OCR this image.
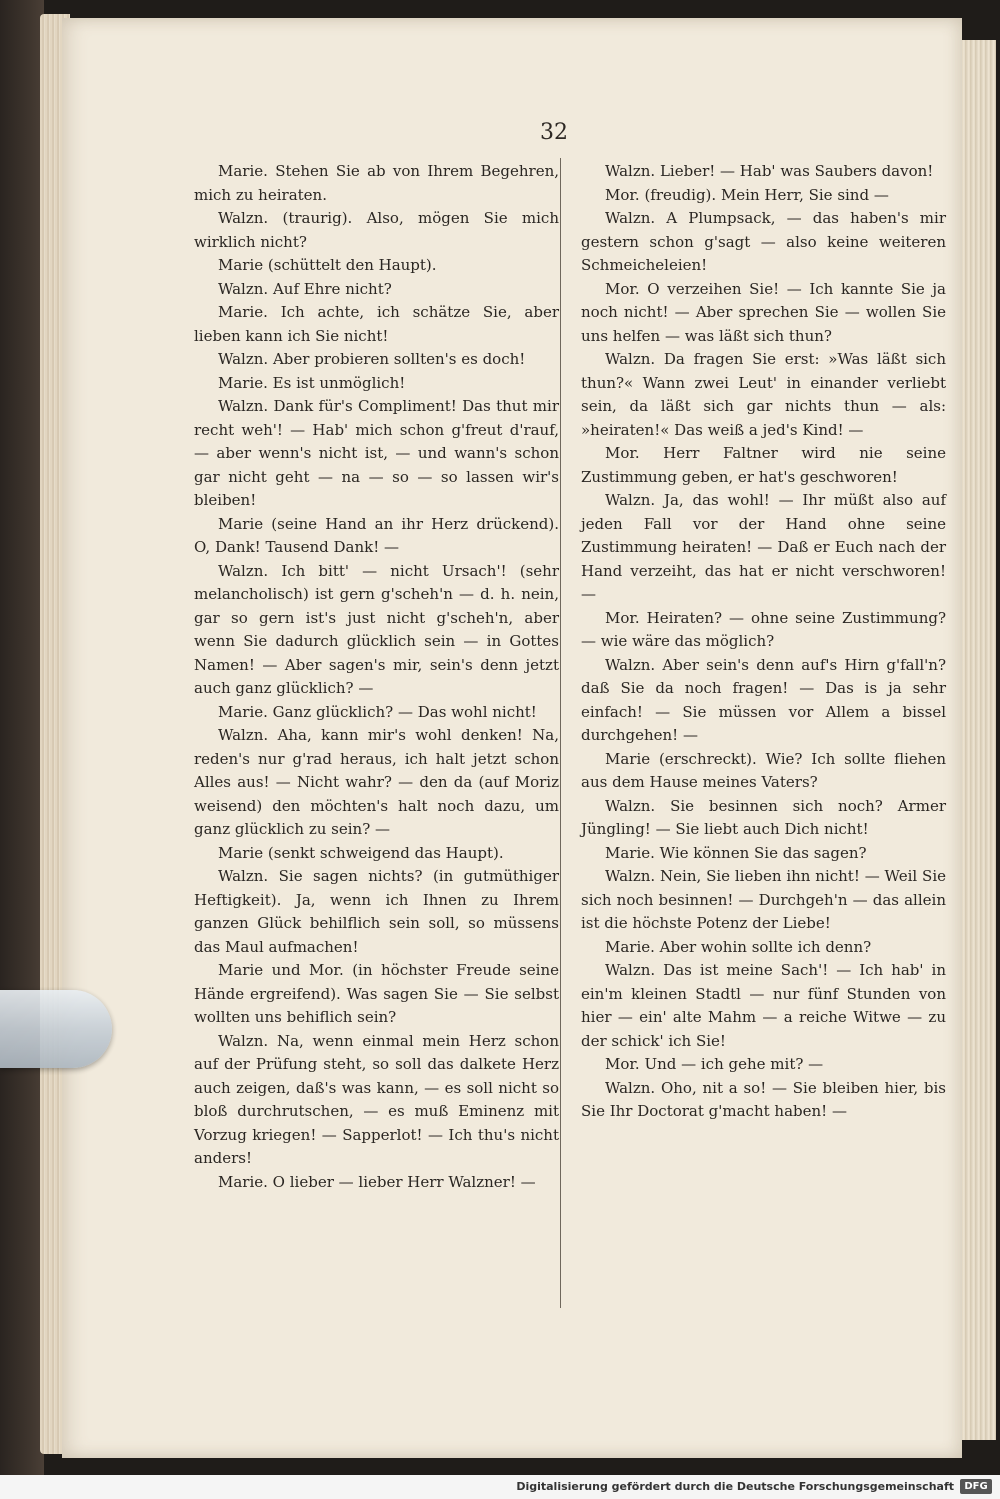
32

Marie. Stehen Sie ab von Ihrem Begehren, mich zu heiraten.

Walzn. (traurig). Also, mögen Sie mich wirklich nicht?

Marie (schüttelt den Haupt).

Walzn. Auf Ehre nicht?

Marie. Ich achte, ich schätze Sie, aber lieben kann ich Sie nicht!

Walzn. Aber probieren sollten's es doch!

Marie. Es ist unmöglich!

Walzn. Dank für's Compliment! Das thut mir recht weh'! — Hab' mich schon g'freut d'rauf, — aber wenn's nicht ist, — und wann's schon gar nicht geht — na — so — so lassen wir's bleiben!

Marie (seine Hand an ihr Herz drückend). O, Dank! Tausend Dank! —

Walzn. Ich bitt' — nicht Ursach'! (sehr melancholisch) ist gern g'scheh'n — d. h. nein, gar so gern ist's just nicht g'scheh'n, aber wenn Sie dadurch glücklich sein — in Gottes Namen! — Aber sagen's mir, sein's denn jetzt auch ganz glücklich? —

Marie. Ganz glücklich? — Das wohl nicht!

Walzn. Aha, kann mir's wohl denken! Na, reden's nur g'rad heraus, ich halt jetzt schon Alles aus! — Nicht wahr? — den da (auf Moriz weisend) den möchten's halt noch dazu, um ganz glücklich zu sein? —

Marie (senkt schweigend das Haupt).

Walzn. Sie sagen nichts? (in gutmüthiger Heftigkeit). Ja, wenn ich Ihnen zu Ihrem ganzen Glück behilflich sein soll, so müssens das Maul aufmachen!

Marie und Mor. (in höchster Freude seine Hände ergreifend). Was sagen Sie — Sie selbst wollten uns behiflich sein?

Walzn. Na, wenn einmal mein Herz schon auf der Prüfung steht, so soll das dalkete Herz auch zeigen, daß's was kann, — es soll nicht so bloß durchrutschen, — es muß Eminenz mit Vorzug kriegen! — Sapperlot! — Ich thu's nicht anders!

Marie. O lieber — lieber Herr Walzner! —

Walzn. Lieber! — Hab' was Saubers davon!

Mor. (freudig). Mein Herr, Sie sind —

Walzn. A Plumpsack, — das haben's mir gestern schon g'sagt — also keine weiteren Schmeicheleien!

Mor. O verzeihen Sie! — Ich kannte Sie ja noch nicht! — Aber sprechen Sie — wollen Sie uns helfen — was läßt sich thun?

Walzn. Da fragen Sie erst: »Was läßt sich thun?« Wann zwei Leut' in einander verliebt sein, da läßt sich gar nichts thun — als: »heiraten!« Das weiß a jed's Kind! —

Mor. Herr Faltner wird nie seine Zustimmung geben, er hat's geschworen!

Walzn. Ja, das wohl! — Ihr müßt also auf jeden Fall vor der Hand ohne seine Zustimmung heiraten! — Daß er Euch nach der Hand verzeiht, das hat er nicht verschworen! —

Mor. Heiraten? — ohne seine Zustimmung? — wie wäre das möglich?

Walzn. Aber sein's denn auf's Hirn g'fall'n? daß Sie da noch fragen! — Das is ja sehr einfach! — Sie müssen vor Allem a bissel durchgehen! —

Marie (erschreckt). Wie? Ich sollte fliehen aus dem Hause meines Vaters?

Walzn. Sie besinnen sich noch? Armer Jüngling! — Sie liebt auch Dich nicht!

Marie. Wie können Sie das sagen?

Walzn. Nein, Sie lieben ihn nicht! — Weil Sie sich noch besinnen! — Durchgeh'n — das allein ist die höchste Potenz der Liebe!

Marie. Aber wohin sollte ich denn?

Walzn. Das ist meine Sach'! — Ich hab' in ein'm kleinen Stadtl — nur fünf Stunden von hier — ein' alte Mahm — a reiche Witwe — zu der schick' ich Sie!

Mor. Und — ich gehe mit? —

Walzn. Oho, nit a so! — Sie bleiben hier, bis Sie Ihr Doctorat g'macht haben! —

Digitalisierung gefördert durch die Deutsche Forschungsgemeinschaft	DFG
